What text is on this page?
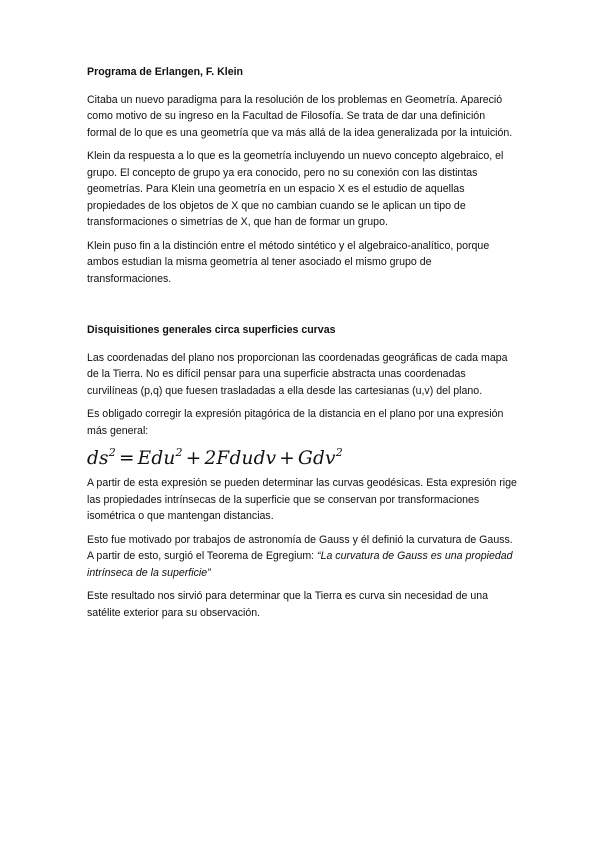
Programa de Erlangen, F. Klein

Citaba un nuevo paradigma para la resolución de los problemas en Geometría. Apareció como motivo de su ingreso en la Facultad de Filosofía. Se trata de dar una definición formal de lo que es una geometría que va más allá de la idea generalizada por la intuición.

Klein da respuesta a lo que es la geometría incluyendo un nuevo concepto algebraico, el grupo. El concepto de grupo ya era conocido, pero no su conexión con las distintas geometrías. Para Klein una geometría en un espacio X es el estudio de aquellas propiedades de los objetos de X que no cambian cuando se le aplican un tipo de transformaciones o simetrías de X, que han de formar un grupo.

Klein puso fin a la distinción entre el método sintético y el algebraico-analítico, porque ambos estudian la misma geometría al tener asociado el mismo grupo de transformaciones.

Disquisitiones generales circa superficies curvas

Las coordenadas del plano nos proporcionan las coordenadas geográficas de cada mapa de la Tierra. No es difícil pensar para una superficie abstracta unas coordenadas curvilíneas (p,q) que fuesen trasladadas a ella desde las cartesianas (u,v) del plano.

Es obligado corregir la expresión pitagórica de la distancia en el plano por una expresión más general:

$ds^2 = Edu^2$ + 2Fdudv + Gdv$^2$

A partir de esta expresión se pueden determinar las curvas geodésicas. Esta expresión rige las propiedades intrínsecas de la superficie que se conservan por transformaciones isométrica o que mantengan distancias.

Esto fue motivado por trabajos de astronomía de Gauss y él definió la curvatura de Gauss. A partir de esto, surgió el Teorema de Egregium: “La curvatura de Gauss es una propiedad intrínseca de la superficie”

Este resultado nos sirvió para determinar que la Tierra es curva sin necesidad de una satélite exterior para su observación.
